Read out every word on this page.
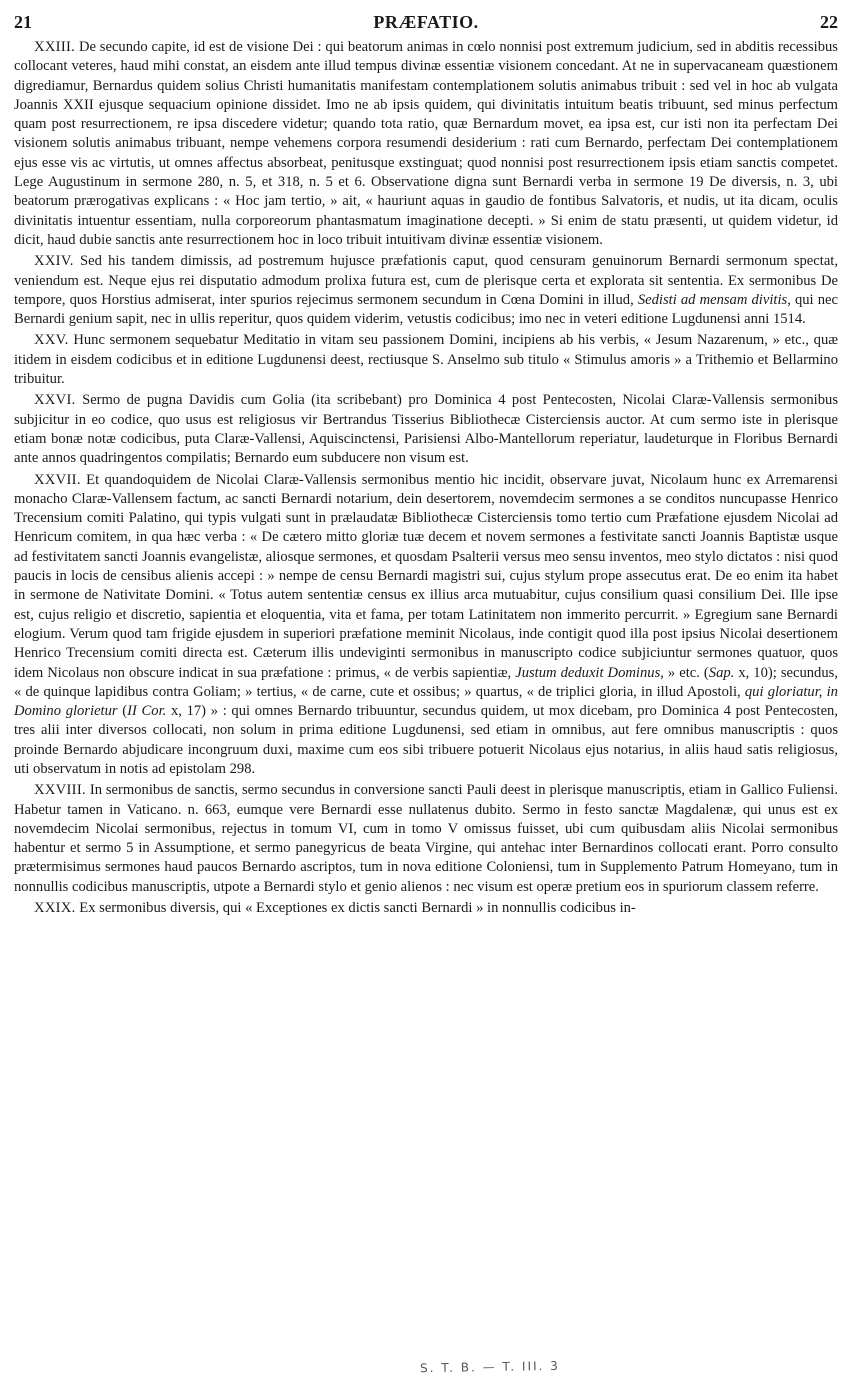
21	PRÆFATIO.	22

XXIII. De secundo capite, id est de visione Dei : qui beatorum animas in cœlo nonnisi post extremum judicium, sed in abditis recessibus collocant veteres, haud mihi constat, an eisdem ante illud tempus divinæ essentiæ visionem concedant. At ne in supervacaneam quæstionem digrediamur, Bernardus quidem solius Christi humanitatis manifestam contemplationem solutis animabus tribuit : sed vel in hoc ab vulgata Joannis XXII ejusque sequacium opinione dissidet. Imo ne ab ipsis quidem, qui divinitatis intuitum beatis tribuunt, sed minus perfectum quam post resurrectionem, re ipsa discedere videtur; quando tota ratio, quæ Bernardum movet, ea ipsa est, cur isti non ita perfectam Dei visionem solutis animabus tribuant, nempe vehemens corpora resumendi desiderium : rati cum Bernardo, perfectam Dei contemplationem ejus esse vis ac virtutis, ut omnes affectus absorbeat, penitusque exstinguat; quod nonnisi post resurrectionem ipsis etiam sanctis competet. Lege Augustinum in sermone 280, n. 5, et 318, n. 5 et 6. Observatione digna sunt Bernardi verba in sermone 19 De diversis, n. 3, ubi beatorum prærogativas explicans : « Hoc jam tertio, » ait, « hauriunt aquas in gaudio de fontibus Salvatoris, et nudis, ut ita dicam, oculis divinitatis intuentur essentiam, nulla corporeorum phantasmatum imaginatione decepti. » Si enim de statu præsenti, ut quidem videtur, id dicit, haud dubie sanctis ante resurrectionem hoc in loco tribuit intuitivam divinæ essentiæ visionem.

XXIV. Sed his tandem dimissis, ad postremum hujusce præfationis caput, quod censuram genuinorum Bernardi sermonum spectat, veniendum est. Neque ejus rei disputatio admodum prolixa futura est, cum de plerisque certa et explorata sit sententia. Ex sermonibus De tempore, quos Horstius admiserat, inter spurios rejecimus sermonem secundum in Cœna Domini in illud, Sedisti ad mensam divitis, qui nec Bernardi genium sapit, nec in ullis reperitur, quos quidem viderim, vetustis codicibus; imo nec in veteri editione Lugdunensi anni 1514.

XXV. Hunc sermonem sequebatur Meditatio in vitam seu passionem Domini, incipiens ab his verbis, « Jesum Nazarenum, » etc., quæ itidem in eisdem codicibus et in editione Lugdunensi deest, rectiusque S. Anselmo sub titulo « Stimulus amoris » a Trithemio et Bellarmino tribuitur.

XXVI. Sermo de pugna Davidis cum Golia (ita scribebant) pro Dominica 4 post Pentecosten, Nicolai Claræ-Vallensis sermonibus subjicitur in eo codice, quo usus est religiosus vir Bertrandus Tisserius Bibliothecæ Cisterciensis auctor. At cum sermo iste in plerisque etiam bonæ notæ codicibus, puta Claræ-Vallensi, Aquiscinctensi, Parisiensi Albo-Mantellorum reperiatur, laudeturque in Floribus Bernardi ante annos quadringentos compilatis; Bernardo eum subducere non visum est.

XXVII. Et quandoquidem de Nicolai Claræ-Vallensis sermonibus mentio hic incidit, observare juvat, Nicolaum hunc ex Arremarensi monacho Claræ-Vallensem factum, ac sancti Bernardi notarium, dein desertorem, novemdecim sermones a se conditos nuncupasse Henrico Trecensium comiti Palatino, qui typis vulgati sunt in prælaudatæ Bibliothecæ Cisterciensis tomo tertio cum Præfatione ejusdem Nicolai ad Henricum comitem, in qua hæc verba : « De cætero mitto gloriæ tuæ decem et novem sermones a festivitate sancti Joannis Baptistæ usque ad festivitatem sancti Joannis evangelistæ, aliosque sermones, et quosdam Psalterii versus meo sensu inventos, meo stylo dictatos : nisi quod paucis in locis de censibus alienis accepi : » nempe de censu Bernardi magistri sui, cujus stylum prope assecutus erat. De eo enim ita habet in sermone de Nativitate Domini. « Totus autem sententiæ census ex illius arca mutuabitur, cujus consilium quasi consilium Dei. Ille ipse est, cujus religio et discretio, sapientia et eloquentia, vita et fama, per totam Latinitatem non immerito percurrit. » Egregium sane Bernardi elogium. Verum quod tam frigide ejusdem in superiori præfatione meminit Nicolaus, inde contigit quod illa post ipsius Nicolai desertionem Henrico Trecensium comiti directa est. Cæterum illis undeviginti sermonibus in manuscripto codice subjiciuntur sermones quatuor, quos idem Nicolaus non obscure indicat in sua præfatione : primus, « de verbis sapientiæ, Justum deduxit Dominus, » etc. (Sap. x, 10); secundus, « de quinque lapidibus contra Goliam; » tertius, « de carne, cute et ossibus; » quartus, « de triplici gloria, in illud Apostoli, qui gloriatur, in Domino glorietur (II Cor. x, 17) » : qui omnes Bernardo tribuuntur, secundus quidem, ut mox dicebam, pro Dominica 4 post Pentecosten, tres alii inter diversos collocati, non solum in prima editione Lugdunensi, sed etiam in omnibus, aut fere omnibus manuscriptis : quos proinde Bernardo abjudicare incongruum duxi, maxime cum eos sibi tribuere potuerit Nicolaus ejus notarius, in aliis haud satis religiosus, uti observatum in notis ad epistolam 298.

XXVIII. In sermonibus de sanctis, sermo secundus in conversione sancti Pauli deest in plerisque manuscriptis, etiam in Gallico Fuliensi. Habetur tamen in Vaticano. n. 663, eumque vere Bernardi esse nullatenus dubito. Sermo in festo sanctæ Magdalenæ, qui unus est ex novemdecim Nicolai sermonibus, rejectus in tomum VI, cum in tomo V omissus fuisset, ubi cum quibusdam aliis Nicolai sermonibus habentur et sermo 5 in Assumptione, et sermo panegyricus de beata Virgine, qui antehac inter Bernardinos collocati erant. Porro consulto prætermisimus sermones haud paucos Bernardo ascriptos, tum in nova editione Coloniensi, tum in Supplemento Patrum Homeyano, tum in nonnullis codicibus manuscriptis, utpote a Bernardi stylo et genio alienos : nec visum est operæ pretium eos in spuriorum classem referre.

XXIX. Ex sermonibus diversis, qui « Exceptiones ex dictis sancti Bernardi » in nonnullis codicibus in-

S. T. B. — T. III. 3
